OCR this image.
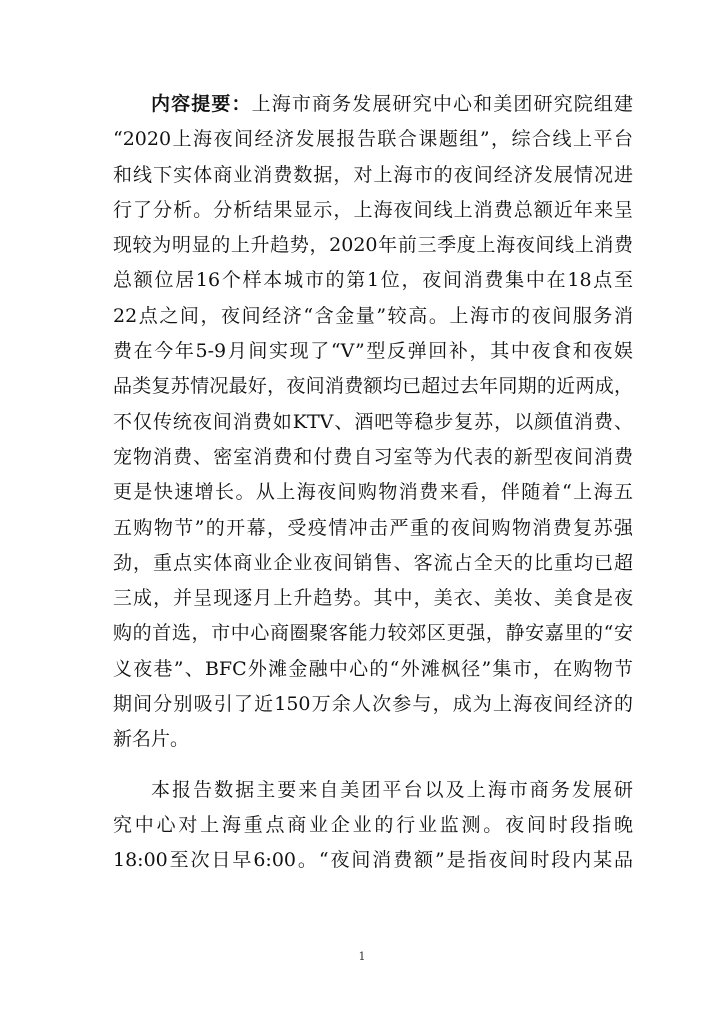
内容提要：上海市商务发展研究中心和美团研究院组建
“2020上海夜间经济发展报告联合课题组”，综合线上平台
和线下实体商业消费数据，对上海市的夜间经济发展情况进
行了分析。分析结果显示，上海夜间线上消费总额近年来呈
现较为明显的上升趋势，2020年前三季度上海夜间线上消费
总额位居16个样本城市的第1位，夜间消费集中在18点至
22点之间，夜间经济“含金量”较高。上海市的夜间服务消
费在今年5-9月间实现了“V”型反弹回补，其中夜食和夜娱
品类复苏情况最好，夜间消费额均已超过去年同期的近两成，
不仅传统夜间消费如KTV、酒吧等稳步复苏，以颜值消费、
宠物消费、密室消费和付费自习室等为代表的新型夜间消费
更是快速增长。从上海夜间购物消费来看，伴随着“上海五
五购物节”的开幕，受疫情冲击严重的夜间购物消费复苏强
劲，重点实体商业企业夜间销售、客流占全天的比重均已超
三成，并呈现逐月上升趋势。其中，美衣、美妆、美食是夜
购的首选，市中心商圈聚客能力较郊区更强，静安嘉里的“安
义夜巷”、BFC外滩金融中心的“外滩枫径”集市，在购物节
期间分别吸引了近150万余人次参与，成为上海夜间经济的
新名片。
本报告数据主要来自美团平台以及上海市商务发展研
究中心对上海重点商业企业的行业监测。夜间时段指晚
18:00至次日早6:00。“夜间消费额”是指夜间时段内某品
1
